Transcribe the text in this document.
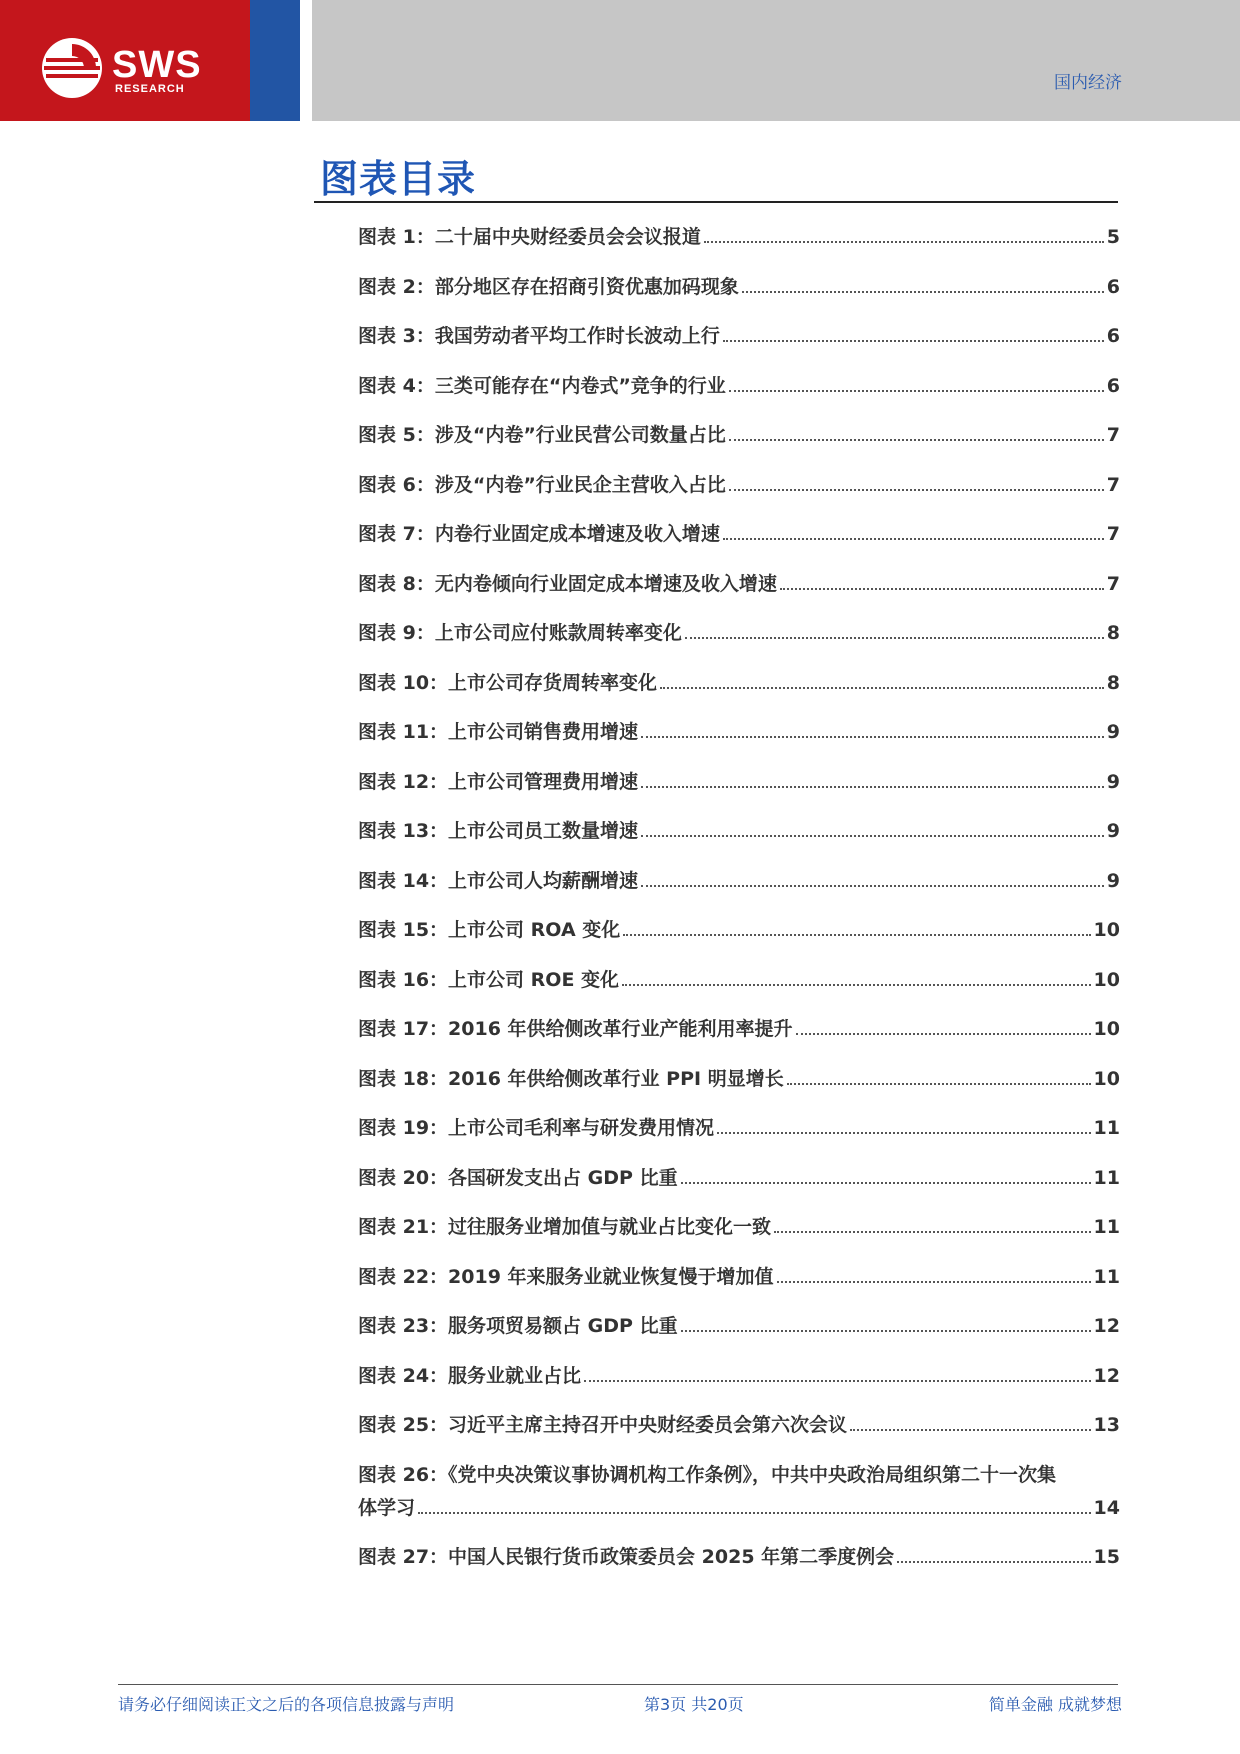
SWS
RESEARCH	国内经济
图表目录
图表 1：二十届中央财经委员会会议报道	5
图表 2：部分地区存在招商引资优惠加码现象	6
图表 3：我国劳动者平均工作时长波动上行	6
图表 4：三类可能存在“内卷式”竞争的行业	6
图表 5：涉及“内卷”行业民营公司数量占比	7
图表 6：涉及“内卷”行业民企主营收入占比	7
图表 7：内卷行业固定成本增速及收入增速	7
图表 8：无内卷倾向行业固定成本增速及收入增速	7
图表 9：上市公司应付账款周转率变化	8
图表 10：上市公司存货周转率变化	8
图表 11：上市公司销售费用增速	9
图表 12：上市公司管理费用增速	9
图表 13：上市公司员工数量增速	9
图表 14：上市公司人均薪酬增速	9
图表 15：上市公司 ROA 变化	10
图表 16：上市公司 ROE 变化	10
图表 17：2016 年供给侧改革行业产能利用率提升	10
图表 18：2016 年供给侧改革行业 PPI 明显增长	10
图表 19：上市公司毛利率与研发费用情况	11
图表 20：各国研发支出占 GDP 比重	11
图表 21：过往服务业增加值与就业占比变化一致	11
图表 22：2019 年来服务业就业恢复慢于增加值	11
图表 23：服务项贸易额占 GDP 比重	12
图表 24：服务业就业占比	12
图表 25：习近平主席主持召开中央财经委员会第六次会议	13
图表 26：《党中央决策议事协调机构工作条例》，中共中央政治局组织第二十一次集
体学习	14
图表 27：中国人民银行货币政策委员会 2025 年第二季度例会	15
请务必仔细阅读正文之后的各项信息披露与声明	第3页 共20页	简单金融 成就梦想
